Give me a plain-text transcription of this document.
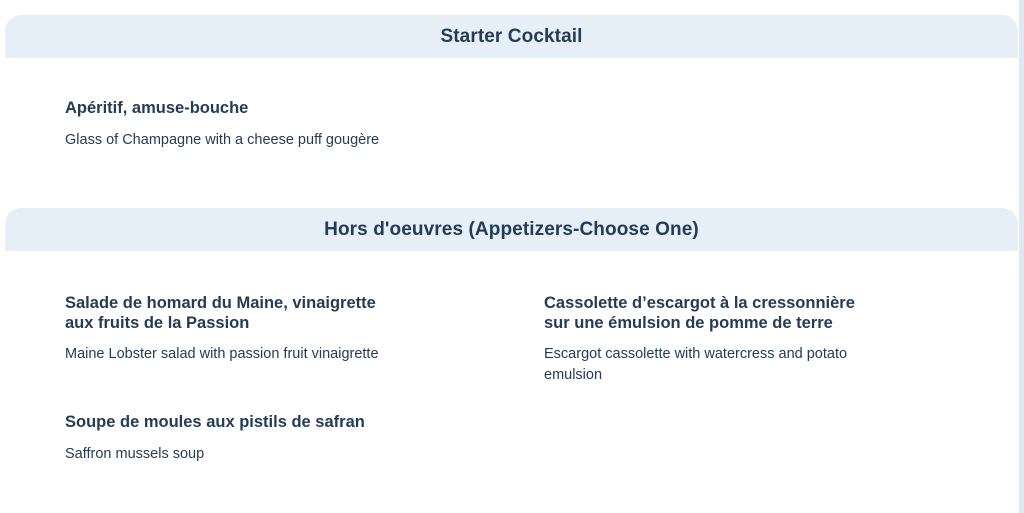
Starter Cocktail

Apéritif, amuse-bouche

Glass of Champagne with a cheese puff gougère

Hors d'oeuvres (Appetizers-Choose One)

Salade de homard du Maine, vinaigrette
aux fruits de la Passion

Maine Lobster salad with passion fruit vinaigrette

Cassolette d’escargot à la cressonnière
sur une émulsion de pomme de terre

Escargot cassolette with watercress and potato
emulsion

Soupe de moules aux pistils de safran

Saffron mussels soup
